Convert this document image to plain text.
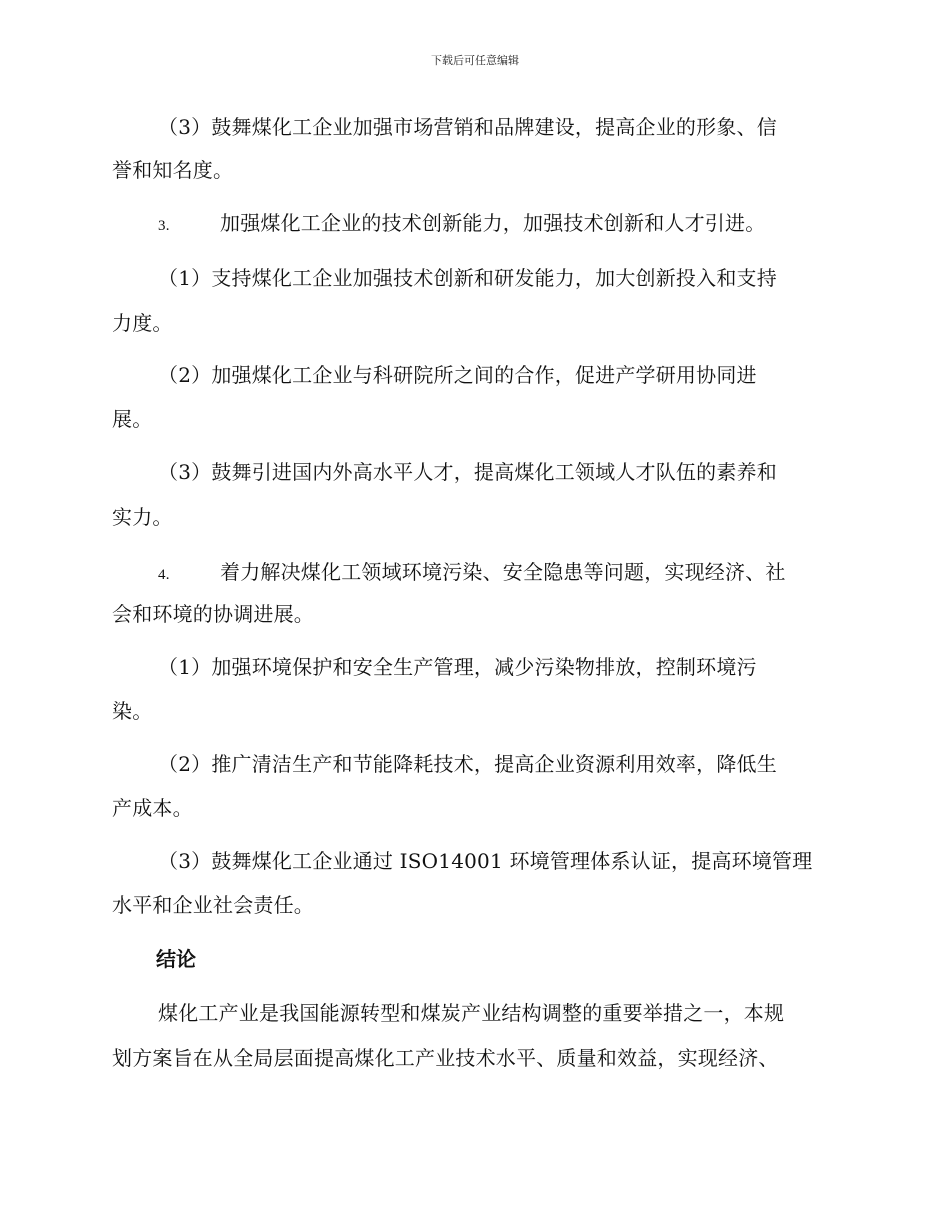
下载后可任意编辑
（3）鼓舞煤化工企业加强市场营销和品牌建设，提高企业的形象、信
誉和知名度。
3.	加强煤化工企业的技术创新能力，加强技术创新和人才引进。
（1）支持煤化工企业加强技术创新和研发能力，加大创新投入和支持
力度。
（2）加强煤化工企业与科研院所之间的合作，促进产学研用协同进
展。
（3）鼓舞引进国内外高水平人才，提高煤化工领域人才队伍的素养和
实力。
4.	着力解决煤化工领域环境污染、安全隐患等问题，实现经济、社
会和环境的协调进展。
（1）加强环境保护和安全生产管理，减少污染物排放，控制环境污
染。
（2）推广清洁生产和节能降耗技术，提高企业资源利用效率，降低生
产成本。
（3）鼓舞煤化工企业通过 ISO14001 环境管理体系认证，提高环境管理
水平和企业社会责任。
结论
煤化工产业是我国能源转型和煤炭产业结构调整的重要举措之一，本规
划方案旨在从全局层面提高煤化工产业技术水平、质量和效益，实现经济、
